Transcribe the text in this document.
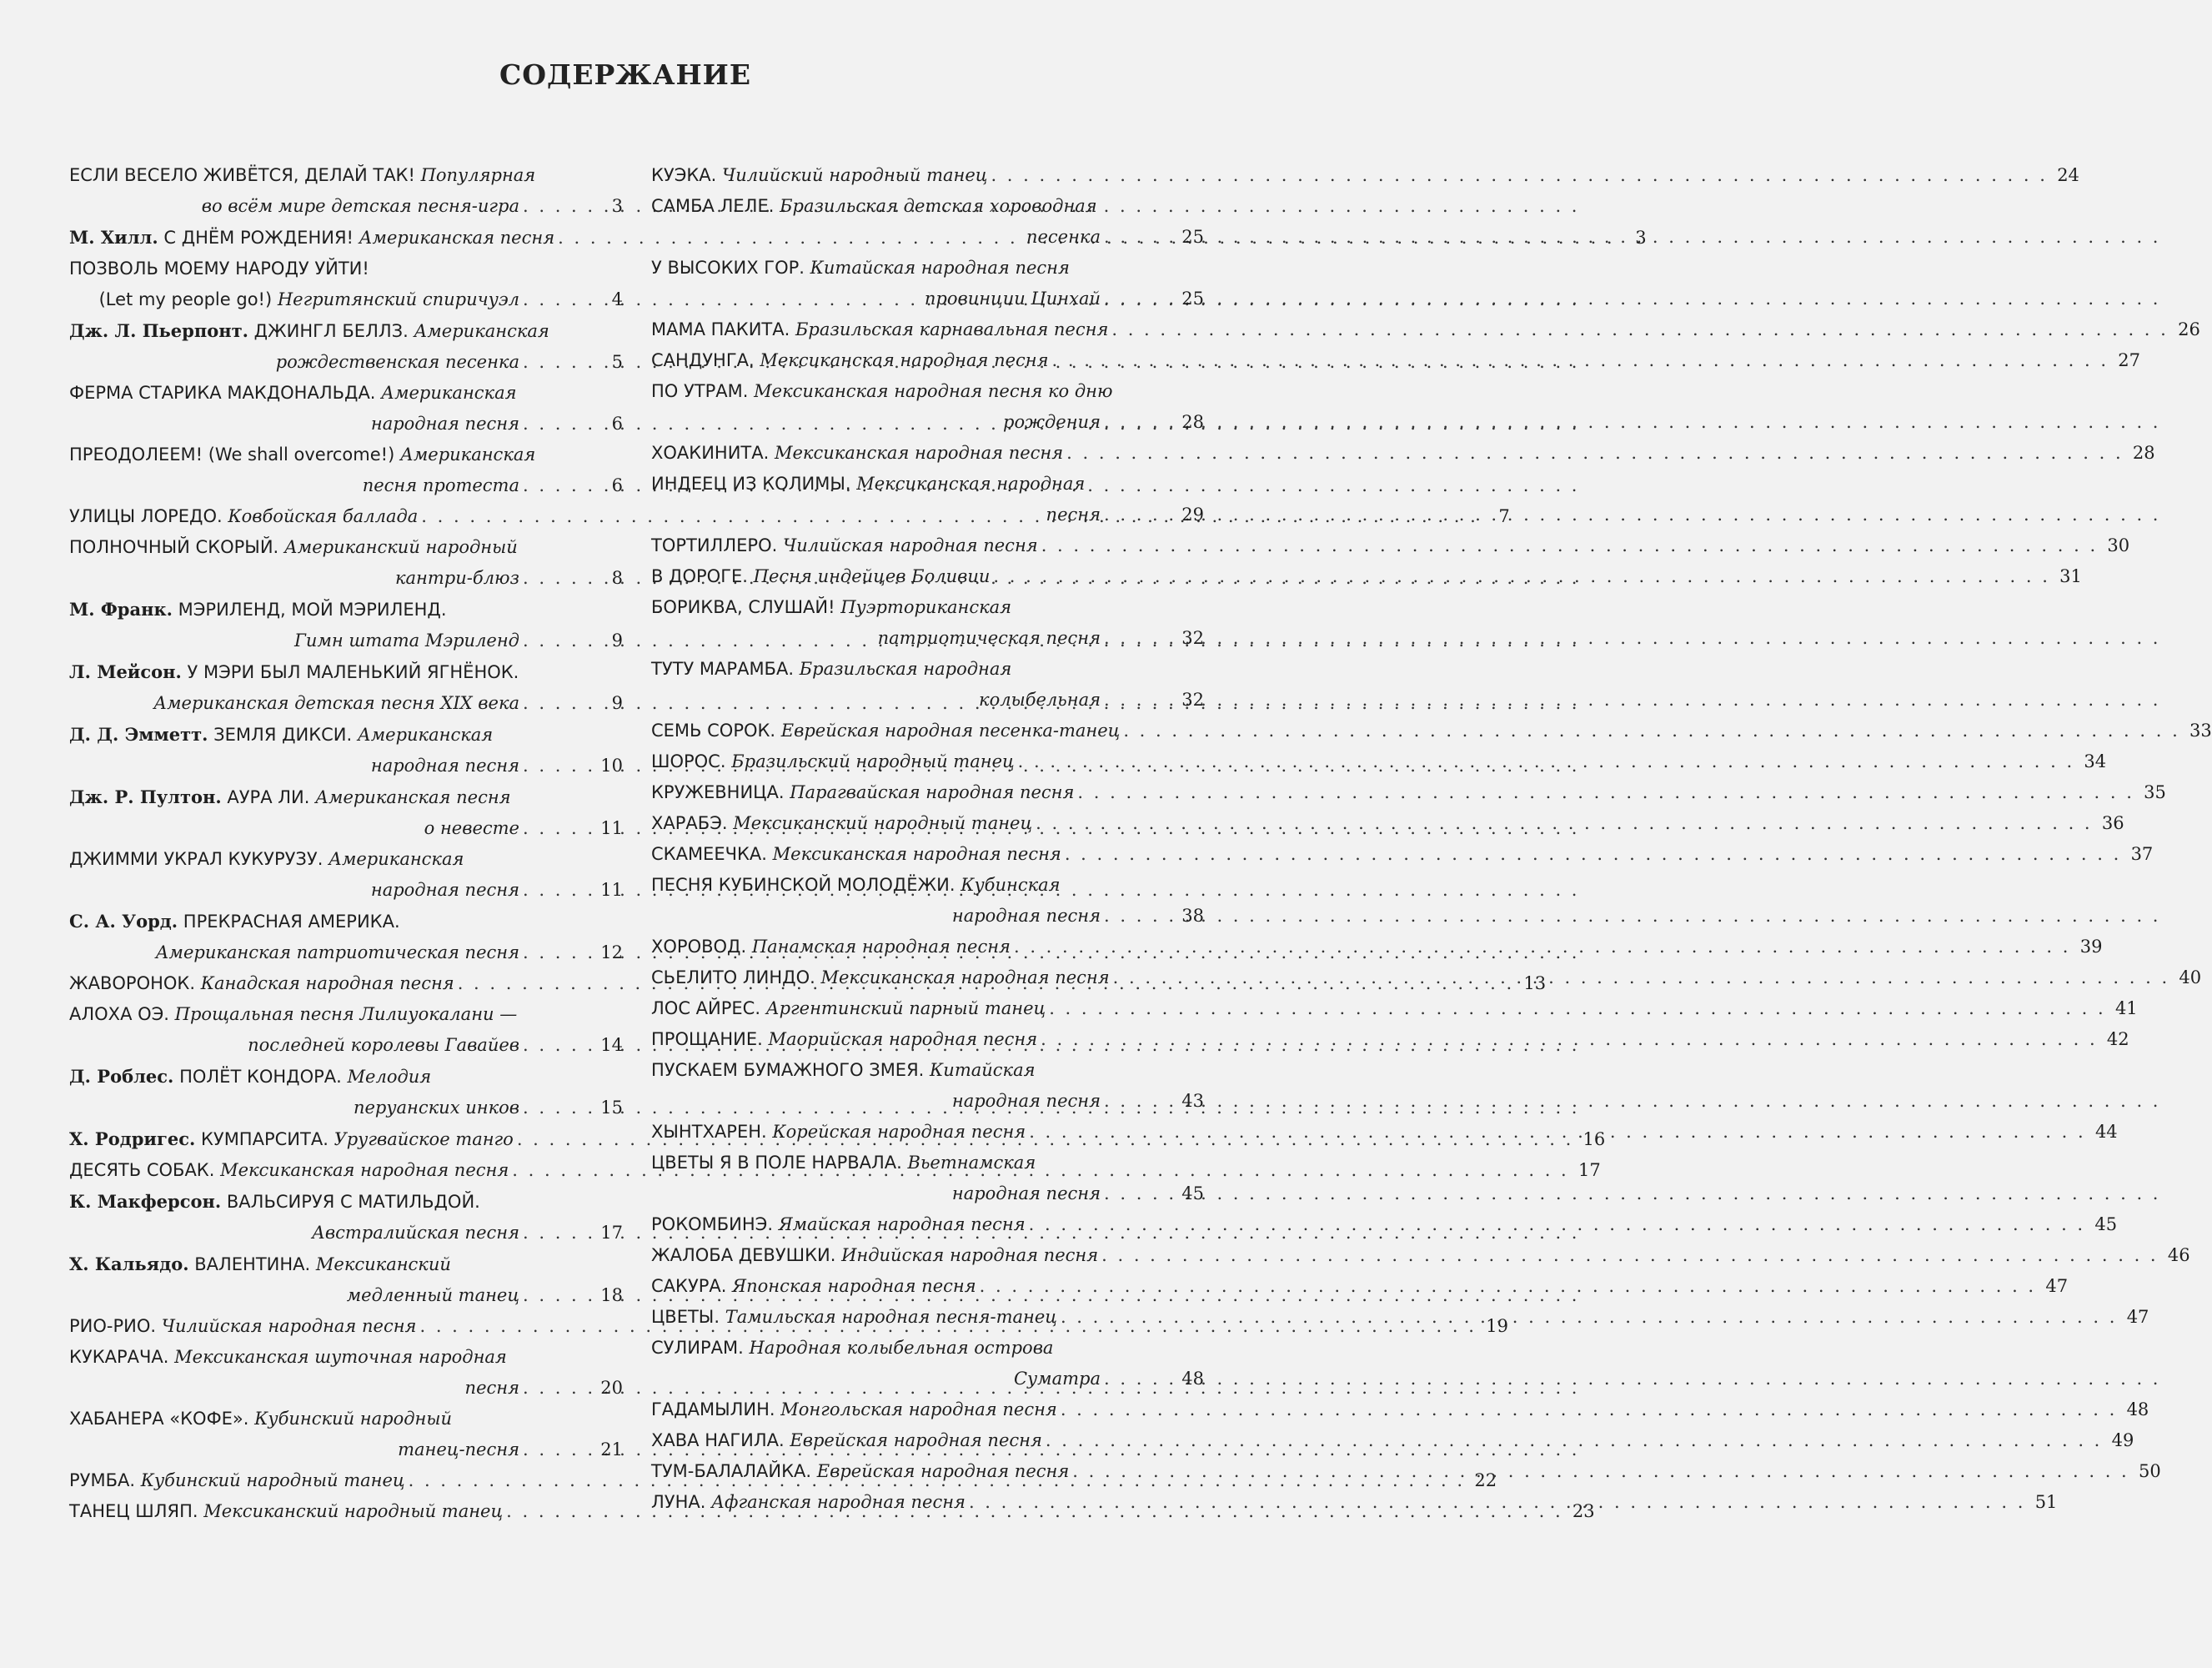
СОДЕРЖАНИЕ
ЕСЛИ ВЕСЕЛО ЖИВЁТСЯ, ДЕЛАЙ ТАК! Популярная
во всём мире детская песня-игра . . .	3
М. Хилл. С ДНЁМ РОЖДЕНИЯ! Американская песня . . .	3
ПОЗВОЛЬ МОЕМУ НАРОДУ УЙТИ!
(Let my people go!) Негритянский спиричуэл . . .	4
Дж. Л. Пьерпонт. ДЖИНГЛ БЕЛЛЗ. Американская
рождественская песенка . . .	5
ФЕРМА СТАРИКА МАКДОНАЛЬДА. Американская
народная песня . . .	6
ПРЕОДОЛЕЕМ! (We shall overcome!) Американская
песня протеста . . .	6
УЛИЦЫ ЛОРЕДО. Ковбойская баллада . . .	7
ПОЛНОЧНЫЙ СКОРЫЙ. Американский народный
кантри-блюз . . .	8
М. Франк. МЭРИЛЕНД, МОЙ МЭРИЛЕНД.
Гимн штата Мэриленд . . .	9
Л. Мейсон. У МЭРИ БЫЛ МАЛЕНЬКИЙ ЯГНЁНОК.
Американская детская песня XIX века . . .	9
Д. Д. Эмметт. ЗЕМЛЯ ДИКСИ. Американская
народная песня . . .	10
Дж. Р. Пултон. АУРА ЛИ. Американская песня
о невесте . . .	11
ДЖИММИ УКРАЛ КУКУРУЗУ. Американская
народная песня . . .	11
С. А. Уорд. ПРЕКРАСНАЯ АМЕРИКА.
Американская патриотическая песня . . .	12
ЖАВОРОНОК. Канадская народная песня . . .	13
АЛОХА ОЭ. Прощальная песня Лилиуокалани —
последней королевы Гавайев . . .	14
Д. Роблес. ПОЛЁТ КОНДОРА. Мелодия
перуанских инков . . .	15
Х. Родригес. КУМПАРСИТА. Уругвайское танго . . .	16
ДЕСЯТЬ СОБАК. Мексиканская народная песня . . .	17
К. Макферсон. ВАЛЬСИРУЯ С МАТИЛЬДОЙ.
Австралийская песня . . .	17
Х. Кальядо. ВАЛЕНТИНА. Мексиканский
медленный танец . . .	18
РИО-РИО. Чилийская народная песня . . .	19
КУКАРАЧА. Мексиканская шуточная народная
песня . . .	20
ХАБАНЕРА «КОФЕ». Кубинский народный
танец-песня . . .	21
РУМБА. Кубинский народный танец . . .	22
ТАНЕЦ ШЛЯП. Мексиканский народный танец . . .	23
КУЭКА. Чилийский народный танец . . .	24
САМБА ЛЕЛЕ. Бразильская детская хороводная
песенка . . .	25
У ВЫСОКИХ ГОР. Китайская народная песня
провинции Цинхай . . .	25
МАМА ПАКИТА. Бразильская карнавальная песня . . .	26
САНДУНГА. Мексиканская народная песня . . .	27
ПО УТРАМ. Мексиканская народная песня ко дню
рождения . . .	28
ХОАКИНИТА. Мексиканская народная песня . . .	28
ИНДЕЕЦ ИЗ КОЛИМЫ. Мексиканская народная
песня . . .	29
ТОРТИЛЛЕРО. Чилийская народная песня . . .	30
В ДОРОГЕ. Песня индейцев Боливии . . .	31
БОРИКВА, СЛУШАЙ! Пуэрториканская
патриотическая песня . . .	32
ТУТУ МАРАМБА. Бразильская народная
колыбельная . . .	32
СЕМЬ СОРОК. Еврейская народная песенка-танец . . .	33
ШОРОС. Бразильский народный танец . . .	34
КРУЖЕВНИЦА. Парагвайская народная песня . . .	35
ХАРАБЭ. Мексиканский народный танец . . .	36
СКАМЕЕЧКА. Мексиканская народная песня . . .	37
ПЕСНЯ КУБИНСКОЙ МОЛОДЁЖИ. Кубинская
народная песня . . .	38
ХОРОВОД. Панамская народная песня . . .	39
СЬЕЛИТО ЛИНДО. Мексиканская народная песня . . .	40
ЛОС АЙРЕС. Аргентинский парный танец . . .	41
ПРОЩАНИЕ. Маорийская народная песня . . .	42
ПУСКАЕМ БУМАЖНОГО ЗМЕЯ. Китайская
народная песня . . .	43
ХЫНТХАРЕН. Корейская народная песня . . .	44
ЦВЕТЫ Я В ПОЛЕ НАРВАЛА. Вьетнамская
народная песня . . .	45
РОКОМБИНЭ. Ямайская народная песня . . .	45
ЖАЛОБА ДЕВУШКИ. Индийская народная песня . . .	46
САКУРА. Японская народная песня . . .	47
ЦВЕТЫ. Тамильская народная песня-танец . . .	47
СУЛИРАМ. Народная колыбельная острова
Суматра . . .	48
ГАДАМЫЛИН. Монгольская народная песня . . .	48
ХАВА НАГИЛА. Еврейская народная песня . . .	49
ТУМ-БАЛАЛАЙКА. Еврейская народная песня . . .	50
ЛУНА. Афганская народная песня . . .	51
